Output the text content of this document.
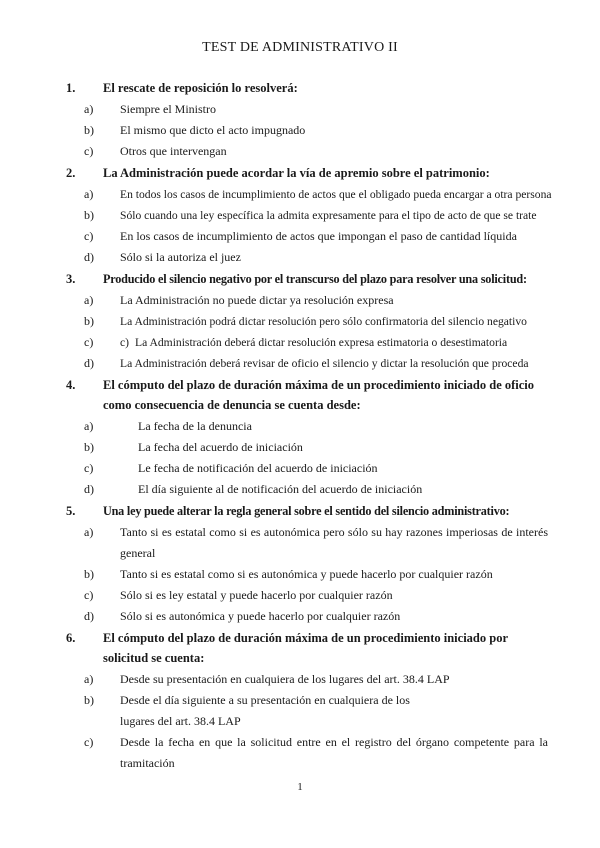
TEST DE ADMINISTRATIVO II
1.	El rescate de reposición lo resolverá:
a)	Siempre el Ministro
b)	El mismo que dicto el acto impugnado
c)	Otros que intervengan
2.	La Administración puede acordar la vía de apremio sobre el patrimonio:
a)	En todos los casos de incumplimiento de actos que el obligado pueda encargar a otra persona
b)	Sólo cuando una ley específica la admita expresamente para el tipo de acto de que se trate
c)	En los casos de incumplimiento de actos que impongan el paso de cantidad líquida
d)	Sólo si la autoriza el juez
3.	Producido el silencio negativo por el transcurso del plazo para resolver una solicitud:
a)	La Administración no puede dictar ya resolución expresa
b)	La Administración podrá dictar resolución pero sólo confirmatoria del silencio negativo
c)	c) La Administración deberá dictar resolución expresa estimatoria o desestimatoria
d)	La Administración deberá revisar de oficio el silencio y dictar la resolución que proceda
4.	El cómputo del plazo de duración máxima de un procedimiento iniciado de oficio como consecuencia de denuncia se cuenta desde:
a)	La fecha de la denuncia
b)	La fecha del acuerdo de iniciación
c)	Le fecha de notificación del acuerdo de iniciación
d)	El día siguiente al de notificación del acuerdo de iniciación
5.	Una ley puede alterar la regla general sobre el sentido del silencio administrativo:
a)	Tanto si es estatal como si es autonómica pero sólo su hay razones imperiosas de interés general
b)	Tanto si es estatal como si es autonómica y puede hacerlo por cualquier razón
c)	Sólo si es ley estatal y puede hacerlo por cualquier razón
d)	Sólo si es autonómica y puede hacerlo por cualquier razón
6.	El cómputo del plazo de duración máxima de un procedimiento iniciado por solicitud se cuenta:
a)	Desde su presentación en cualquiera de los lugares del art. 38.4 LAP
b)	Desde el día siguiente a su presentación en cualquiera de los lugares del art. 38.4 LAP
c)	Desde la fecha en que la solicitud entre en el registro del órgano competente para la tramitación
1
